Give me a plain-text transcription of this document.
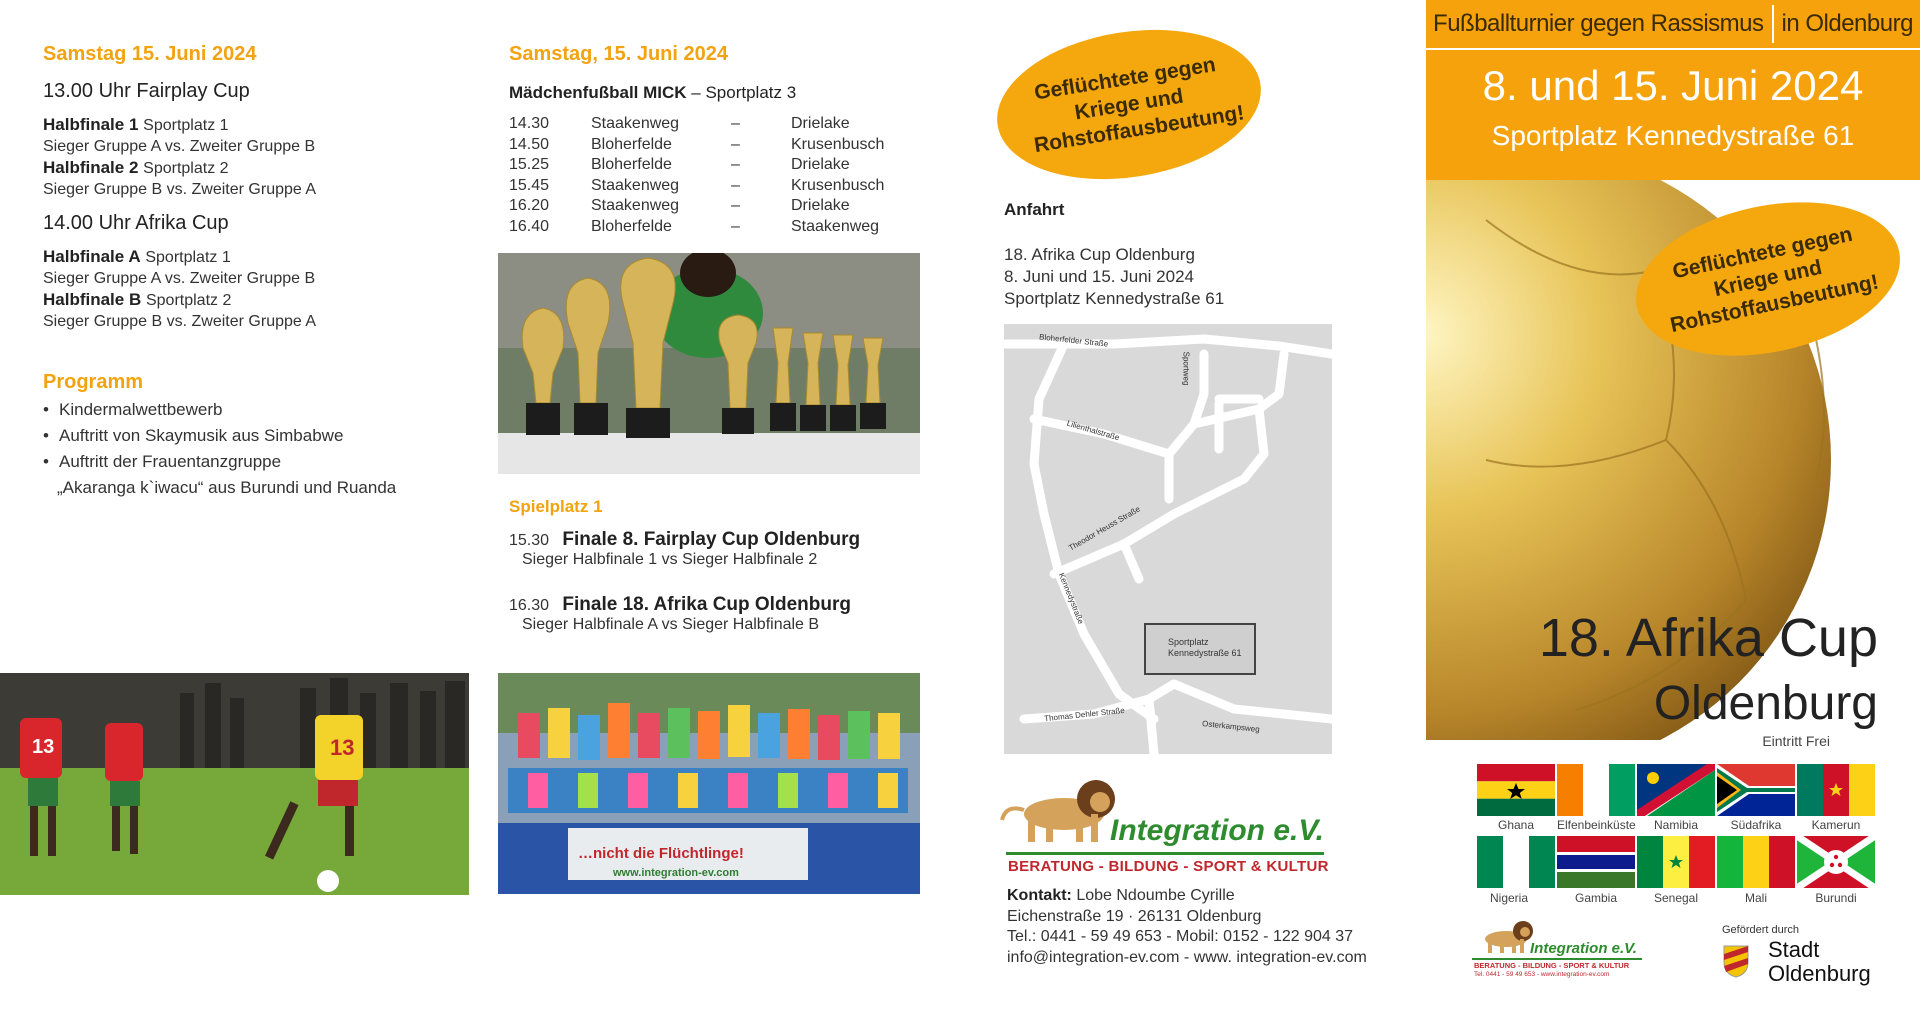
Samstag 15. Juni 2024
13.00 Uhr Fairplay Cup
Halbfinale 1 Sportplatz 1
Sieger Gruppe A vs. Zweiter Gruppe B
Halbfinale 2 Sportplatz 2
Sieger Gruppe B vs. Zweiter Gruppe A
14.00 Uhr Afrika Cup
Halbfinale A Sportplatz 1
Sieger Gruppe A vs. Zweiter Gruppe B
Halbfinale B Sportplatz 2
Sieger Gruppe B vs. Zweiter Gruppe A
Programm
• Kindermalwettbewerb
• Auftritt von Skaymusik aus Simbabwe
• Auftritt der Frauentanzgruppe
„Akaranga k`iwacu“ aus Burundi und Ruanda
13	13
Samstag, 15. Juni 2024
Mädchenfußball MICK – Sportplatz 3
14.30	Staakenweg	–	Drielake
14.50	Bloherfelde	–	Krusenbusch
15.25	Bloherfelde	–	Drielake
15.45	Staakenweg	–	Krusenbusch
16.20	Staakenweg	–	Drielake
16.40	Bloherfelde	–	Staakenweg
Spielplatz 1
15.30 Finale 8. Fairplay Cup Oldenburg
Sieger Halbfinale 1 vs Sieger Halbfinale 2
16.30 Finale 18. Afrika Cup Oldenburg
Sieger Halbfinale A vs Sieger Halbfinale B
…nicht die Flüchtlinge!
www.integration-ev.com
Geflüchtete gegen Kriege und Rohstoffausbeutung!
Anfahrt
18. Afrika Cup Oldenburg
8. Juni und 15. Juni 2024
Sportplatz Kennedystraße 61
Bloherfelder Straße
Sportweg
Lilienthalstraße
Theodor Heuss Straße
Kennedystraße
Thomas Dehler Straße
Osterkampsweg
Sportplatz
Kennedystraße 61
Integration e.V.
BERATUNG - BILDUNG - SPORT & KULTUR
Kontakt: Lobe Ndoumbe Cyrille
Eichenstraße 19 · 26131 Oldenburg
Tel.: 0441 - 59 49 653 - Mobil: 0152 - 122 904 37
info@integration-ev.com - www. integration-ev.com
Fußballturnier gegen Rassismus in Oldenburg
8. und 15. Juni 2024
Sportplatz Kennedystraße 61
Geflüchtete gegen Kriege und Rohstoffausbeutung!
18. Afrika Cup
Oldenburg
Eintritt Frei
Ghana	Elfenbeinküste	Namibia	Südafrika	Kamerun
Nigeria	Gambia	Senegal	Mali	Burundi
Integration e.V.
BERATUNG - BILDUNG - SPORT & KULTUR
Tel. 0441 - 59 49 653 - www.integration-ev.com
Gefördert durch
Stadt
Oldenburg
